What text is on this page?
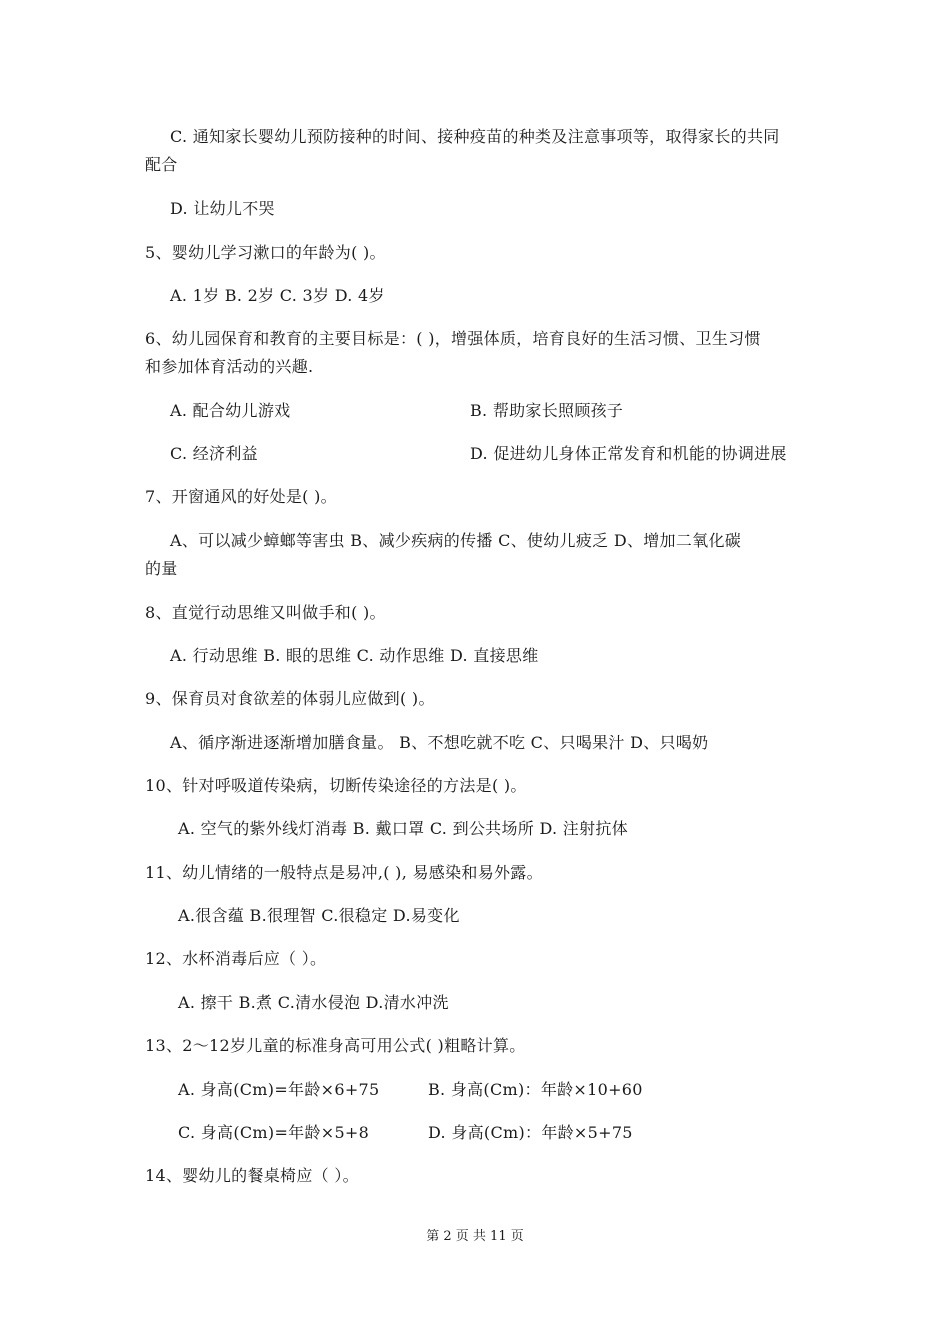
C. 通知家长婴幼儿预防接种的时间、接种疫苗的种类及注意事项等，取得家长的共同
配合
D. 让幼儿不哭
5、婴幼儿学习漱口的年龄为( )。
A. 1岁 B. 2岁 C. 3岁 D. 4岁
6、幼儿园保育和教育的主要目标是：( )，增强体质，培育良好的生活习惯、卫生习惯
和参加体育活动的兴趣.
A. 配合幼儿游戏	B. 帮助家长照顾孩子
C. 经济利益	D. 促进幼儿身体正常发育和机能的协调进展
7、开窗通风的好处是( )。
A、可以减少蟑螂等害虫 B、减少疾病的传播 C、使幼儿疲乏 D、增加二氧化碳
的量
8、直觉行动思维又叫做手和( )。
A. 行动思维 B. 眼的思维 C. 动作思维 D. 直接思维
9、保育员对食欲差的体弱儿应做到( )。
A、循序渐进逐渐增加膳食量。 B、不想吃就不吃 C、只喝果汁 D、只喝奶
10、针对呼吸道传染病，切断传染途径的方法是( )。
A. 空气的紫外线灯消毒 B. 戴口罩 C. 到公共场所 D. 注射抗体
11、幼儿情绪的一般特点是易冲,( ), 易感染和易外露。
A.很含蕴 B.很理智 C.很稳定 D.易变化
12、水杯消毒后应（ ）。
A. 擦干 B.煮 C.清水侵泡 D.清水冲洗
13、2～12岁儿童的标准身高可用公式( )粗略计算。
A. 身高(Cm)=年龄×6+75	B. 身高(Cm)：年龄×10+60
C. 身高(Cm)=年龄×5+8	D. 身高(Cm)：年龄×5+75
14、婴幼儿的餐桌椅应（ ）。
第 2 页 共 11 页
